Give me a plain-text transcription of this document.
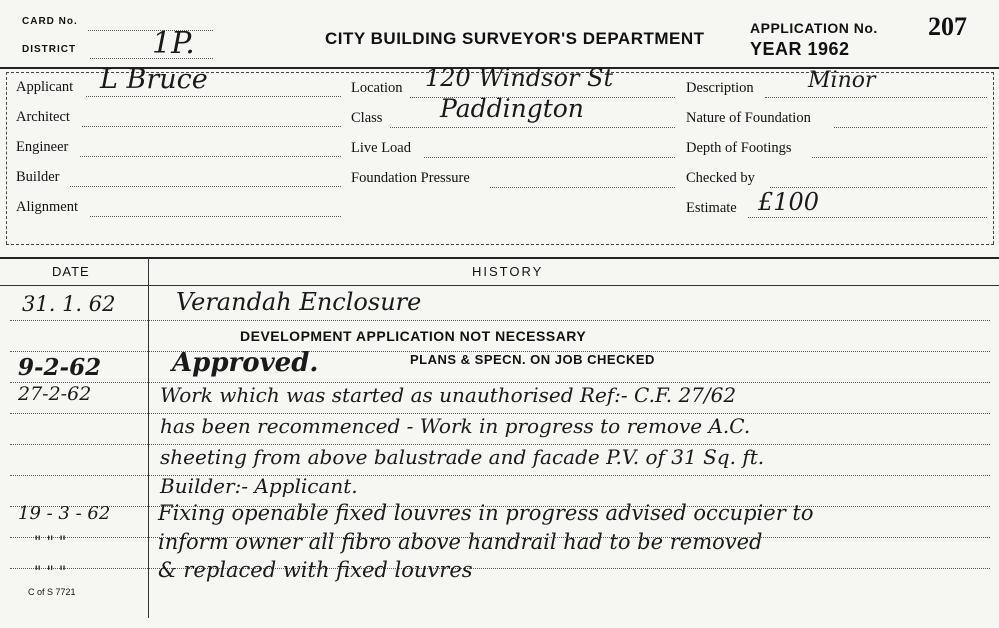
CARD No.
DISTRICT	1P.	CITY BUILDING SURVEYOR'S DEPARTMENT
APPLICATION No. 207
YEAR 1962
Applicant L Bruce
Architect
Engineer
Builder
Alignment
Location 120 Windsor St
Class Paddington
Live Load
Foundation Pressure
Description Minor
Nature of Foundation
Depth of Footings
Checked by
Estimate £100
DATE	HISTORY
31. 1. 62	Verandah Enclosure
DEVELOPMENT APPLICATION NOT NECESSARY
9-2-62	Approved.	PLANS & SPECN. ON JOB CHECKED
27-2-62	Work which was started as unauthorised Ref:- C.F. 27/62
has been recommenced - Work in progress to remove A.C.
sheeting from above balustrade and facade P.V. of 31 Sq. ft.
Builder:- Applicant.
19 - 3 - 62 Fixing openable fixed louvres in progress advised occupier to
" " "	inform owner all fibro above handrail had to be removed
" " "	& replaced with fixed louvres
C of S 7721
